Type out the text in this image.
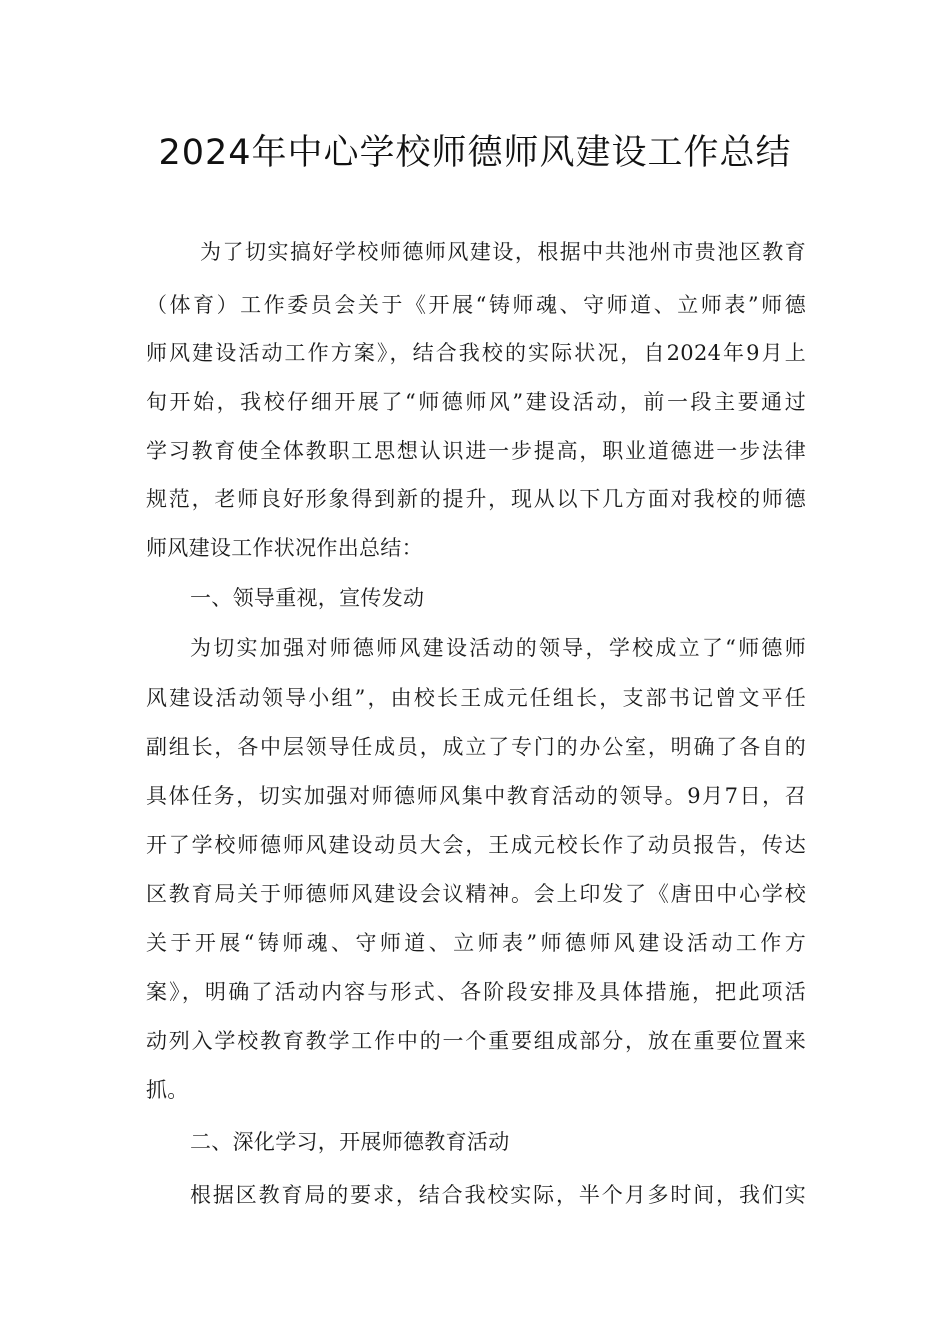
2024年中心学校师德师风建设工作总结
为了切实搞好学校师德师风建设，根据中共池州市贵池区教育
（体育）工作委员会关于《开展“铸师魂、守师道、立师表”师德
师风建设活动工作方案》，结合我校的实际状况，自2024年9月上
旬开始，我校仔细开展了“师德师风”建设活动，前一段主要通过
学习教育使全体教职工思想认识进一步提高，职业道德进一步法律
规范，老师良好形象得到新的提升，现从以下几方面对我校的师德
师风建设工作状况作出总结：
一、领导重视，宣传发动
为切实加强对师德师风建设活动的领导，学校成立了“师德师
风建设活动领导小组”，由校长王成元任组长，支部书记曾文平任
副组长，各中层领导任成员，成立了专门的办公室，明确了各自的
具体任务，切实加强对师德师风集中教育活动的领导。9月7日，召
开了学校师德师风建设动员大会，王成元校长作了动员报告，传达
区教育局关于师德师风建设会议精神。会上印发了《唐田中心学校
关于开展“铸师魂、守师道、立师表”师德师风建设活动工作方
案》，明确了活动内容与形式、各阶段安排及具体措施，把此项活
动列入学校教育教学工作中的一个重要组成部分，放在重要位置来
抓。
二、深化学习，开展师德教育活动
根据区教育局的要求，结合我校实际，半个月多时间，我们实
